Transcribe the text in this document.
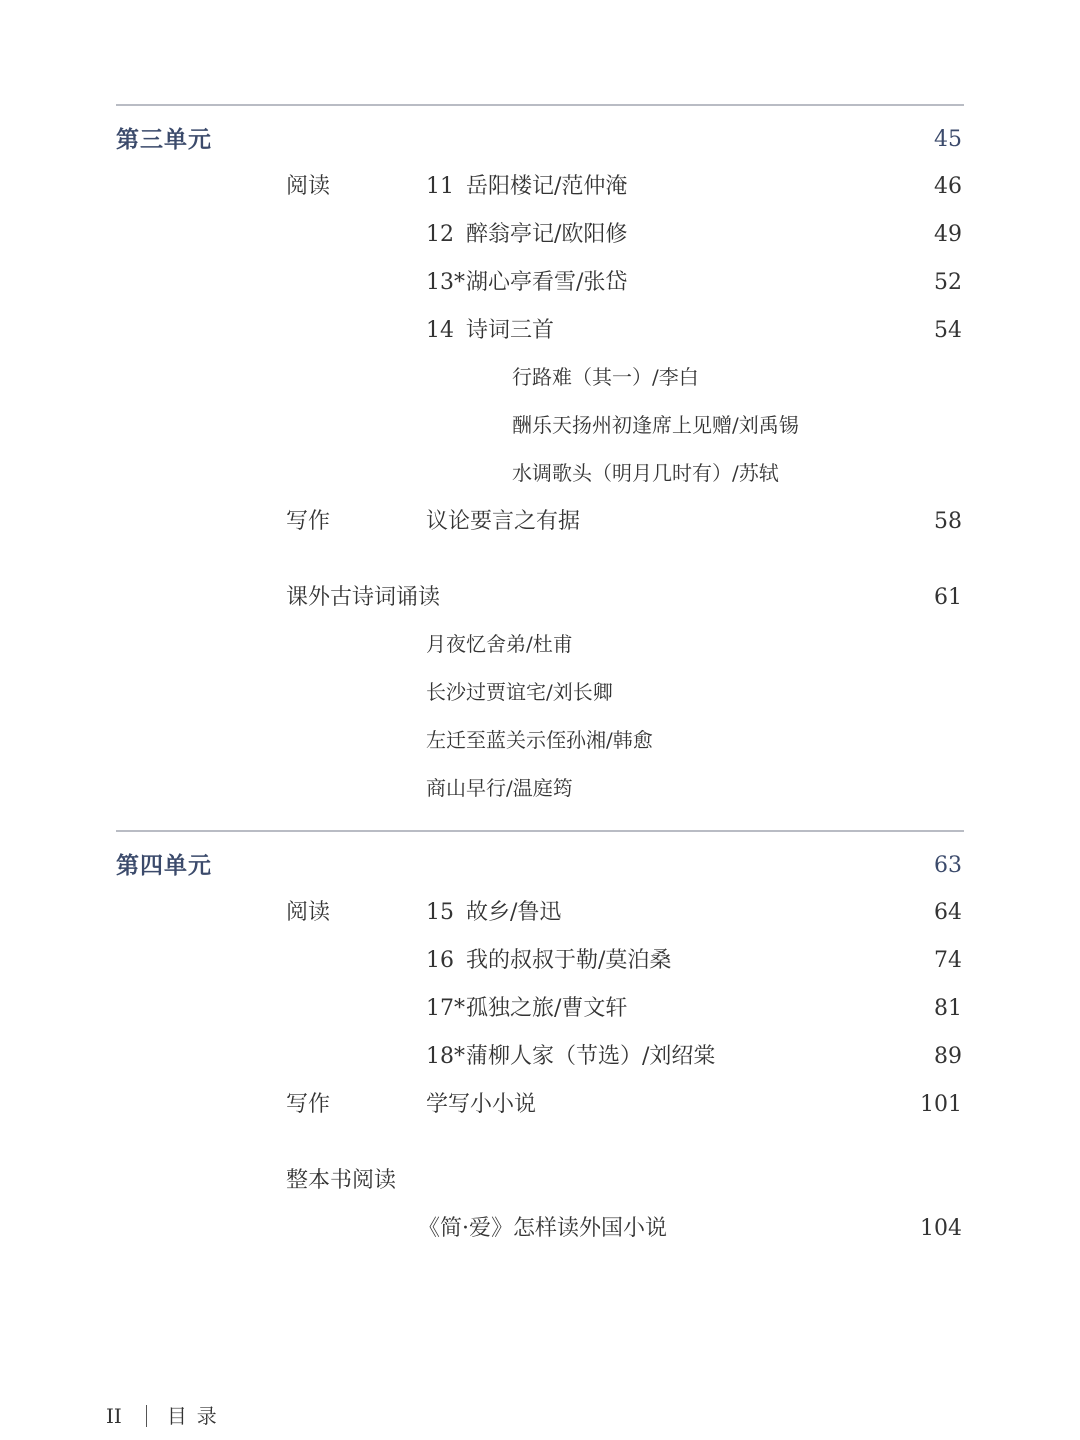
第三单元	45
阅读	11 岳阳楼记/范仲淹	46
12 醉翁亭记/欧阳修	49
13*湖心亭看雪/张岱	52
14 诗词三首	54
行路难（其一）/李白
酬乐天扬州初逢席上见赠/刘禹锡
水调歌头（明月几时有）/苏轼
写作	议论要言之有据	58
课外古诗词诵读	61
月夜忆舍弟/杜甫
长沙过贾谊宅/刘长卿
左迁至蓝关示侄孙湘/韩愈
商山早行/温庭筠
第四单元	63
阅读	15 故乡/鲁迅	64
16 我的叔叔于勒/莫泊桑	74
17*孤独之旅/曹文轩	81
18*蒲柳人家（节选）/刘绍棠	89
写作	学写小小说	101
整本书阅读
《简·爱》怎样读外国小说	104
II 目录
